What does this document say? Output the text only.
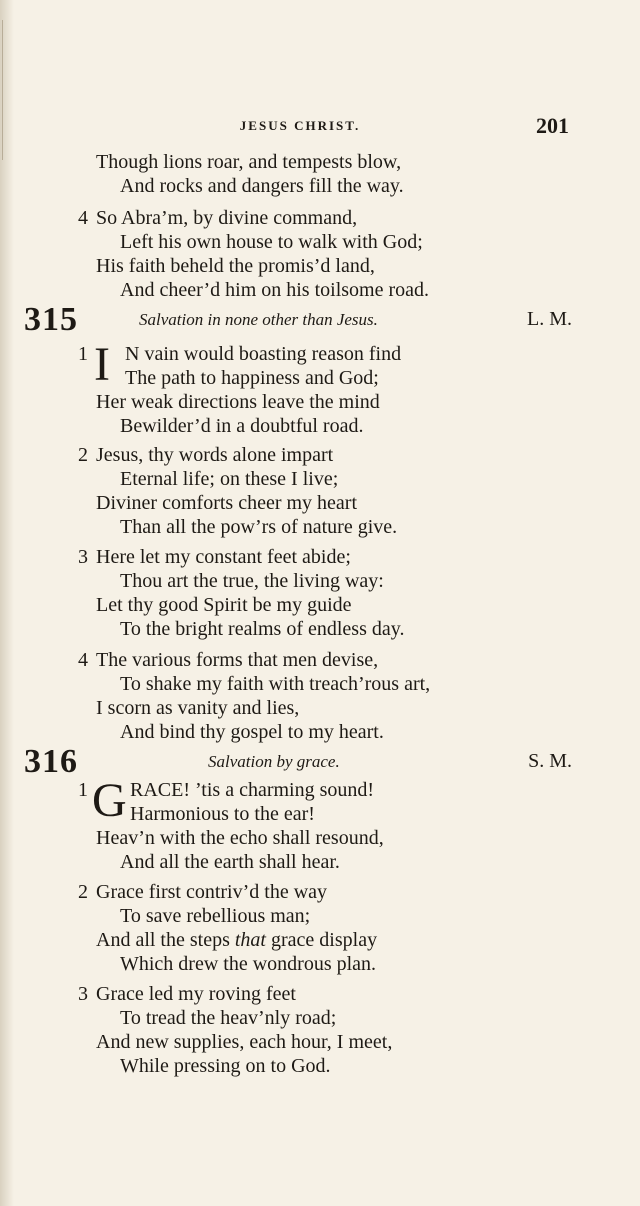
JESUS CHRIST.	201
Though lions roar, and tempests blow,
And rocks and dangers fill the way.
4 So Abra’m, by divine command,
Left his own house to walk with God;
His faith beheld the promis’d land,
And cheer’d him on his toilsome road.
315	Salvation in none other than Jesus.	L. M.
1 I N vain would boasting reason find
The path to happiness and God;
Her weak directions leave the mind
Bewilder’d in a doubtful road.
2 Jesus, thy words alone impart
Eternal life; on these I live;
Diviner comforts cheer my heart
Than all the pow’rs of nature give.
3 Here let my constant feet abide;
Thou art the true, the living way:
Let thy good Spirit be my guide
To the bright realms of endless day.
4 The various forms that men devise,
To shake my faith with treach’rous art,
I scorn as vanity and lies,
And bind thy gospel to my heart.
316	Salvation by grace.	S. M.
1 G RACE! ’tis a charming sound!
Harmonious to the ear!
Heav’n with the echo shall resound,
And all the earth shall hear.
2 Grace first contriv’d the way
To save rebellious man;
And all the steps that grace display
Which drew the wondrous plan.
3 Grace led my roving feet
To tread the heav’nly road;
And new supplies, each hour, I meet,
While pressing on to God.
